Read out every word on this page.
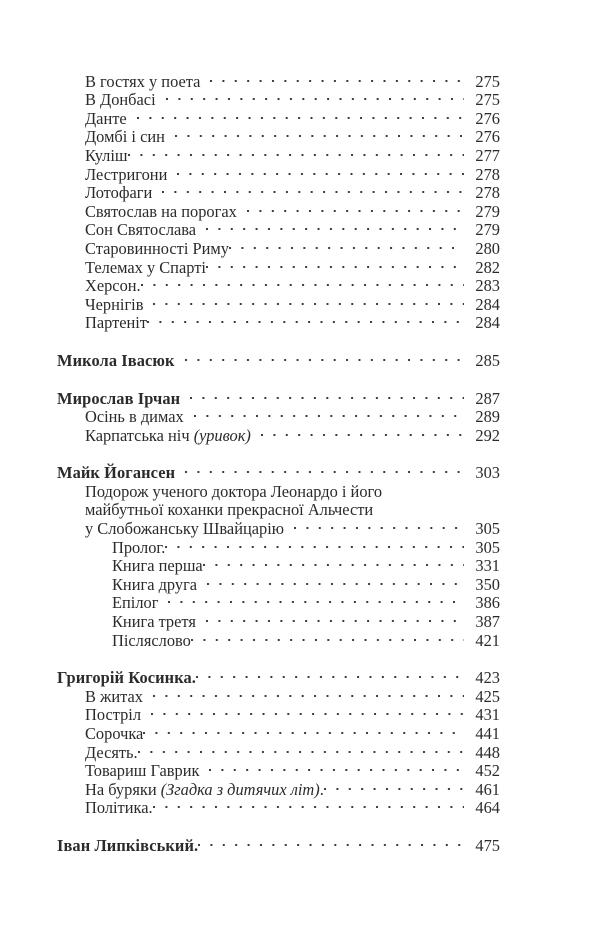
В гостях у поета	275
В Донбасі	275
Данте	276
Домбі і син	276
Куліш	277
Лестригони	278
Лотофаги	278
Святослав на порогах	279
Сон Святослава	279
Старовинності Риму	280
Телемах у Спарті	282
Херсон.	283
Чернігів	284
Партеніт	284
Микола Івасюк	285
Мирослав Ірчан	287
Осінь в димах	289
Карпатська ніч (уривок)	292
Майк Йогансен	303
Подорож ученого доктора Леонардо і його
майбутньої коханки прекрасної Альчести
у Слобожанську Швайцарію	305
Пролог.	305
Книга перша	331
Книга друга	350
Епілог	386
Книга третя	387
Післяслово	421
Григорій Косинка.	423
В житах	425
Постріл	431
Сорочка	441
Десять.	448
Товариш Гаврик	452
На буряки (Згадка з дитячих літ).	461
Політика.	464
Іван Липківський.	475
